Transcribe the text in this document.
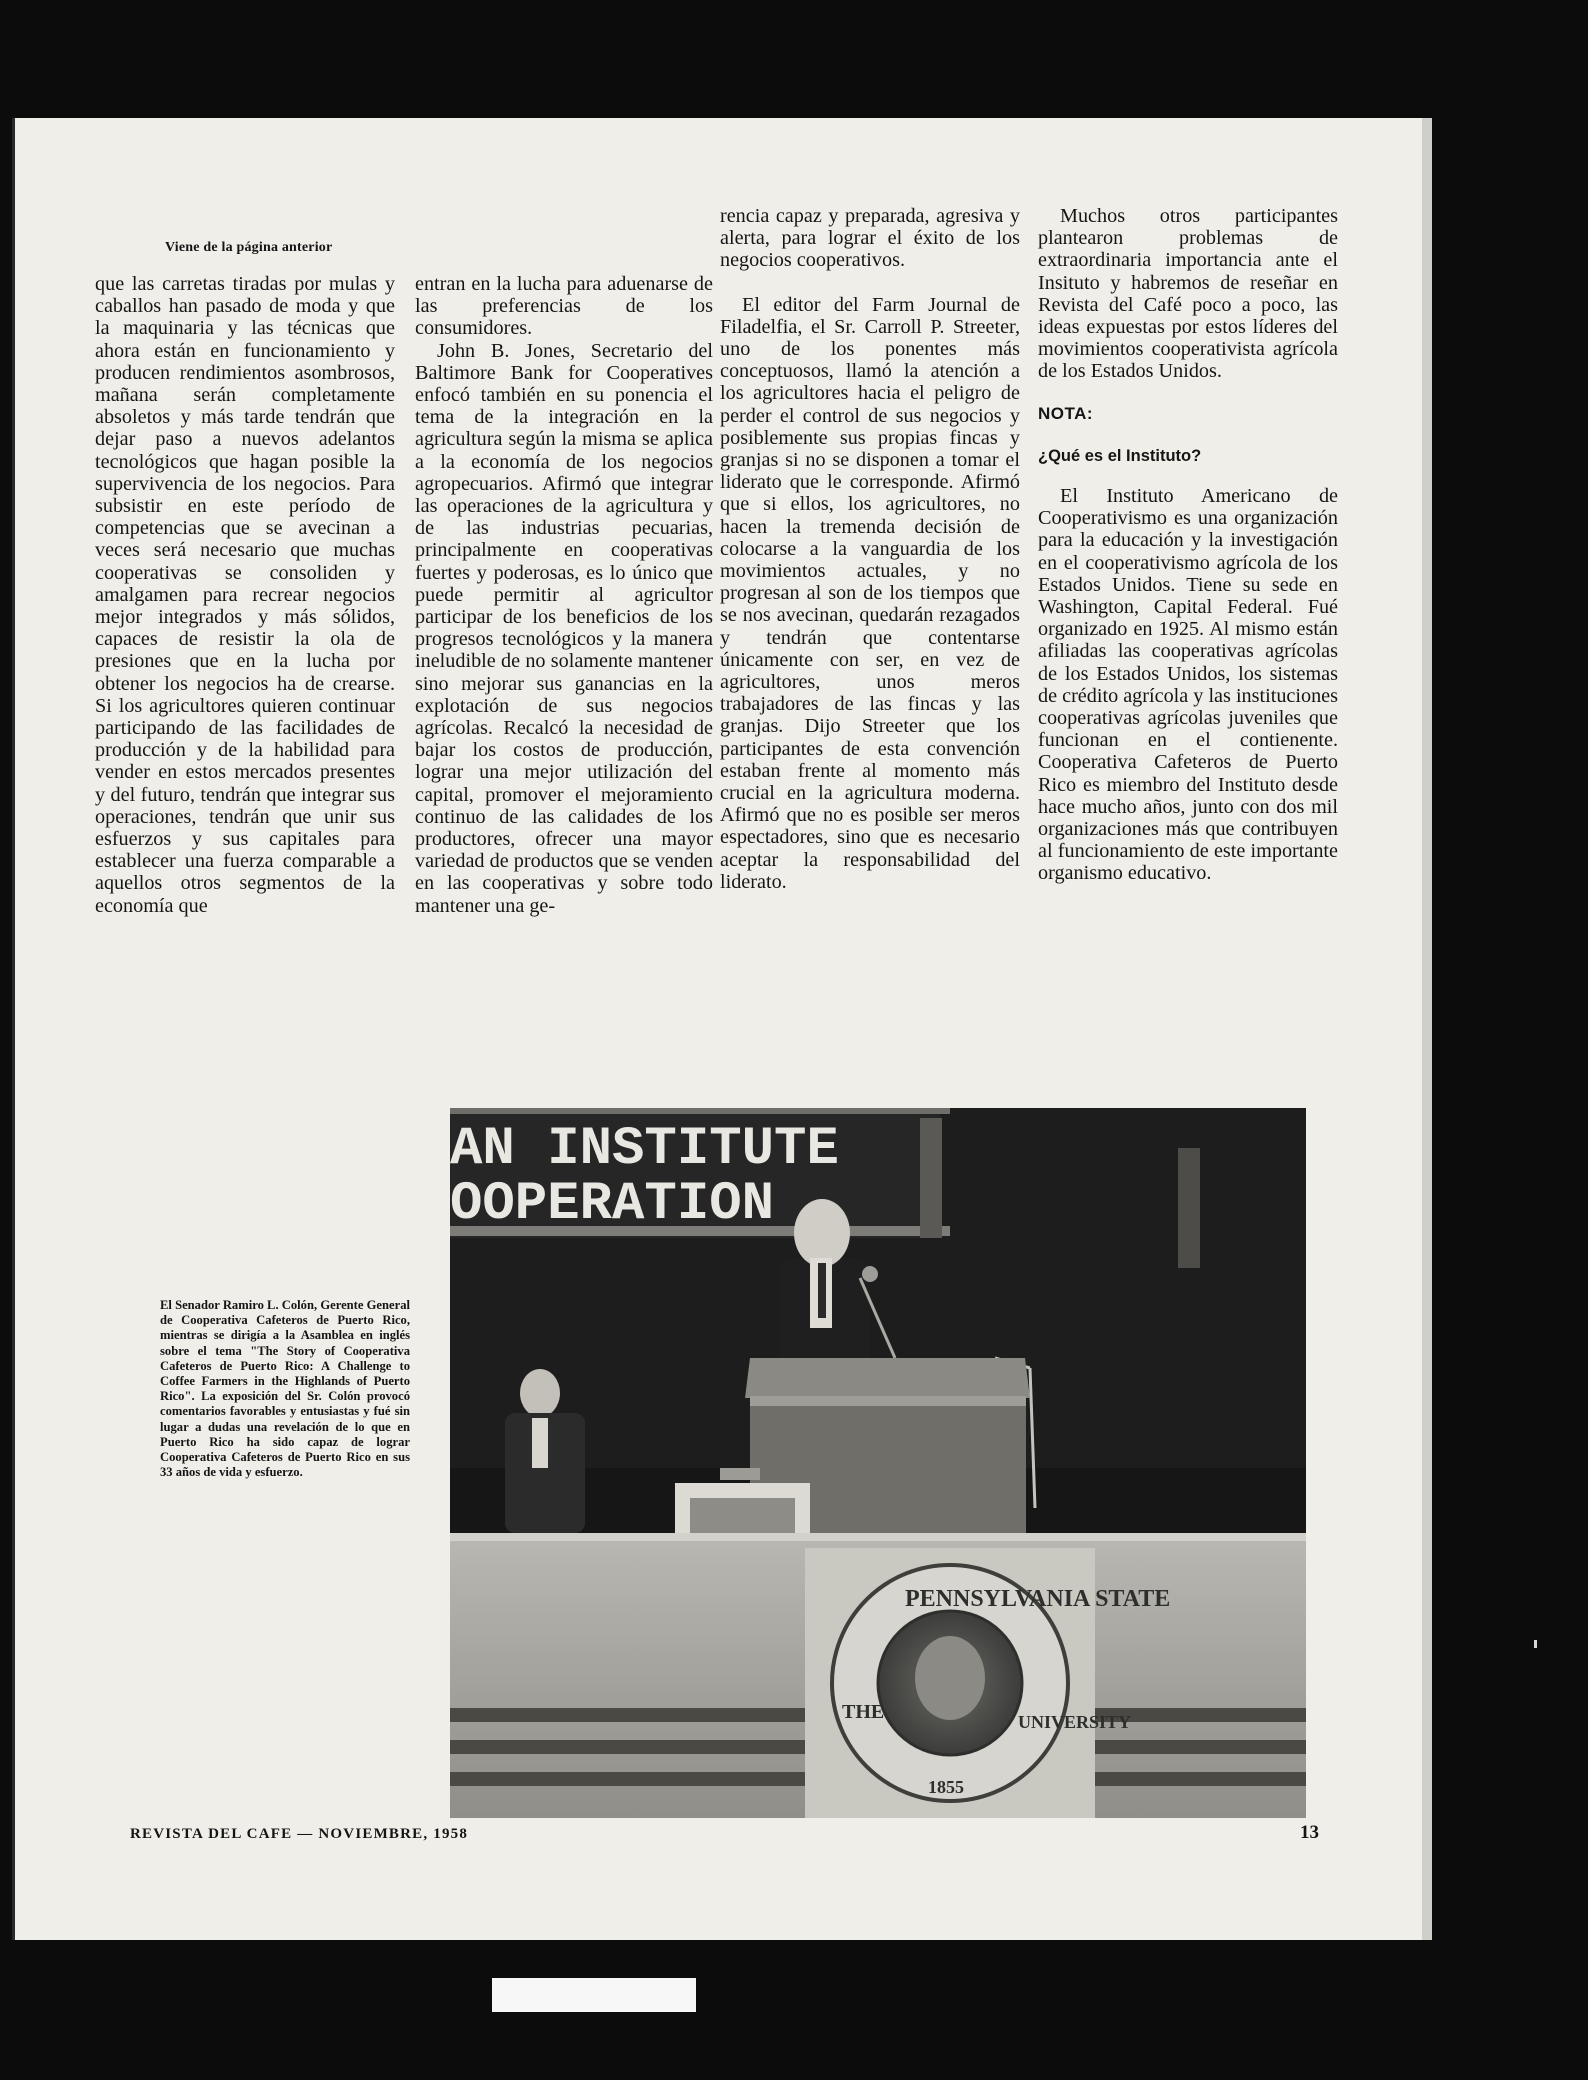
Viene de la página anterior

que las carretas tiradas por mulas y caballos han pasado de moda y que la maquinaria y las técnicas que ahora están en funcionamiento y producen rendimientos asombrosos, mañana serán completamente absoletos y más tarde tendrán que dejar paso a nuevos adelantos tecnológicos que hagan posible la supervivencia de los negocios. Para subsistir en este período de competencias que se avecinan a veces será necesario que muchas cooperativas se consoliden y amalgamen para recrear negocios mejor integrados y más sólidos, capaces de resistir la ola de presiones que en la lucha por obtener los negocios ha de crearse. Si los agricultores quieren continuar participando de las facilidades de producción y de la habilidad para vender en estos mercados presentes y del futuro, tendrán que integrar sus operaciones, tendrán que unir sus esfuerzos y sus capitales para establecer una fuerza comparable a aquellos otros segmentos de la economía que

entran en la lucha para aduenarse de las preferencias de los consumidores.

John B. Jones, Secretario del Baltimore Bank for Cooperatives enfocó también en su ponencia el tema de la integración en la agricultura según la misma se aplica a la economía de los negocios agropecuarios. Afirmó que integrar las operaciones de la agricultura y de las industrias pecuarias, principalmente en cooperativas fuertes y poderosas, es lo único que puede permitir al agricultor participar de los beneficios de los progresos tecnológicos y la manera ineludible de no solamente mantener sino mejorar sus ganancias en la explotación de sus negocios agrícolas. Recalcó la necesidad de bajar los costos de producción, lograr una mejor utilización del capital, promover el mejoramiento continuo de las calidades de los productores, ofrecer una mayor variedad de productos que se venden en las cooperativas y sobre todo mantener una ge-

rencia capaz y preparada, agresiva y alerta, para lograr el éxito de los negocios cooperativos.

El editor del Farm Journal de Filadelfia, el Sr. Carroll P. Streeter, uno de los ponentes más conceptuosos, llamó la atención a los agricultores hacia el peligro de perder el control de sus negocios y posiblemente sus propias fincas y granjas si no se disponen a tomar el liderato que le corresponde. Afirmó que si ellos, los agricultores, no hacen la tremenda decisión de colocarse a la vanguardia de los movimientos actuales, y no progresan al son de los tiempos que se nos avecinan, quedarán rezagados y tendrán que contentarse únicamente con ser, en vez de agricultores, unos meros trabajadores de las fincas y las granjas. Dijo Streeter que los participantes de esta convención estaban frente al momento más crucial en la agricultura moderna. Afirmó que no es posible ser meros espectadores, sino que es necesario aceptar la responsabilidad del liderato.

Muchos otros participantes plantearon problemas de extraordinaria importancia ante el Insituto y habremos de reseñar en Revista del Café poco a poco, las ideas expuestas por estos líderes del movimientos cooperativista agrícola de los Estados Unidos.

NOTA:
¿Qué es el Instituto?

El Instituto Americano de Cooperativismo es una organización para la educación y la investigación en el cooperativismo agrícola de los Estados Unidos. Tiene su sede en Washington, Capital Federal. Fué organizado en 1925. Al mismo están afiliadas las cooperativas agrícolas de los Estados Unidos, los sistemas de crédito agrícola y las instituciones cooperativas agrícolas juveniles que funcionan en el contienente. Cooperativa Cafeteros de Puerto Rico es miembro del Instituto desde hace mucho años, junto con dos mil organizaciones más que contribuyen al funcionamiento de este importante organismo educativo.

El Senador Ramiro L. Colón, Gerente General de Cooperativa Cafeteros de Puerto Rico, mientras se dirigía a la Asamblea en inglés sobre el tema "The Story of Cooperativa Cafeteros de Puerto Rico: A Challenge to Coffee Farmers in the Highlands of Puerto Rico". La exposición del Sr. Colón provocó comentarios favorables y entusiastas y fué sin lugar a dudas una revelación de lo que en Puerto Rico ha sido capaz de lograr Cooperativa Cafeteros de Puerto Rico en sus 33 años de vida y esfuerzo.
AN INSTITUTE
OOPERATION
PENNSYLVANIA STATE
THE	UNIVERSITY
1855
REVISTA DEL CAFE — NOVIEMBRE, 1958	13
